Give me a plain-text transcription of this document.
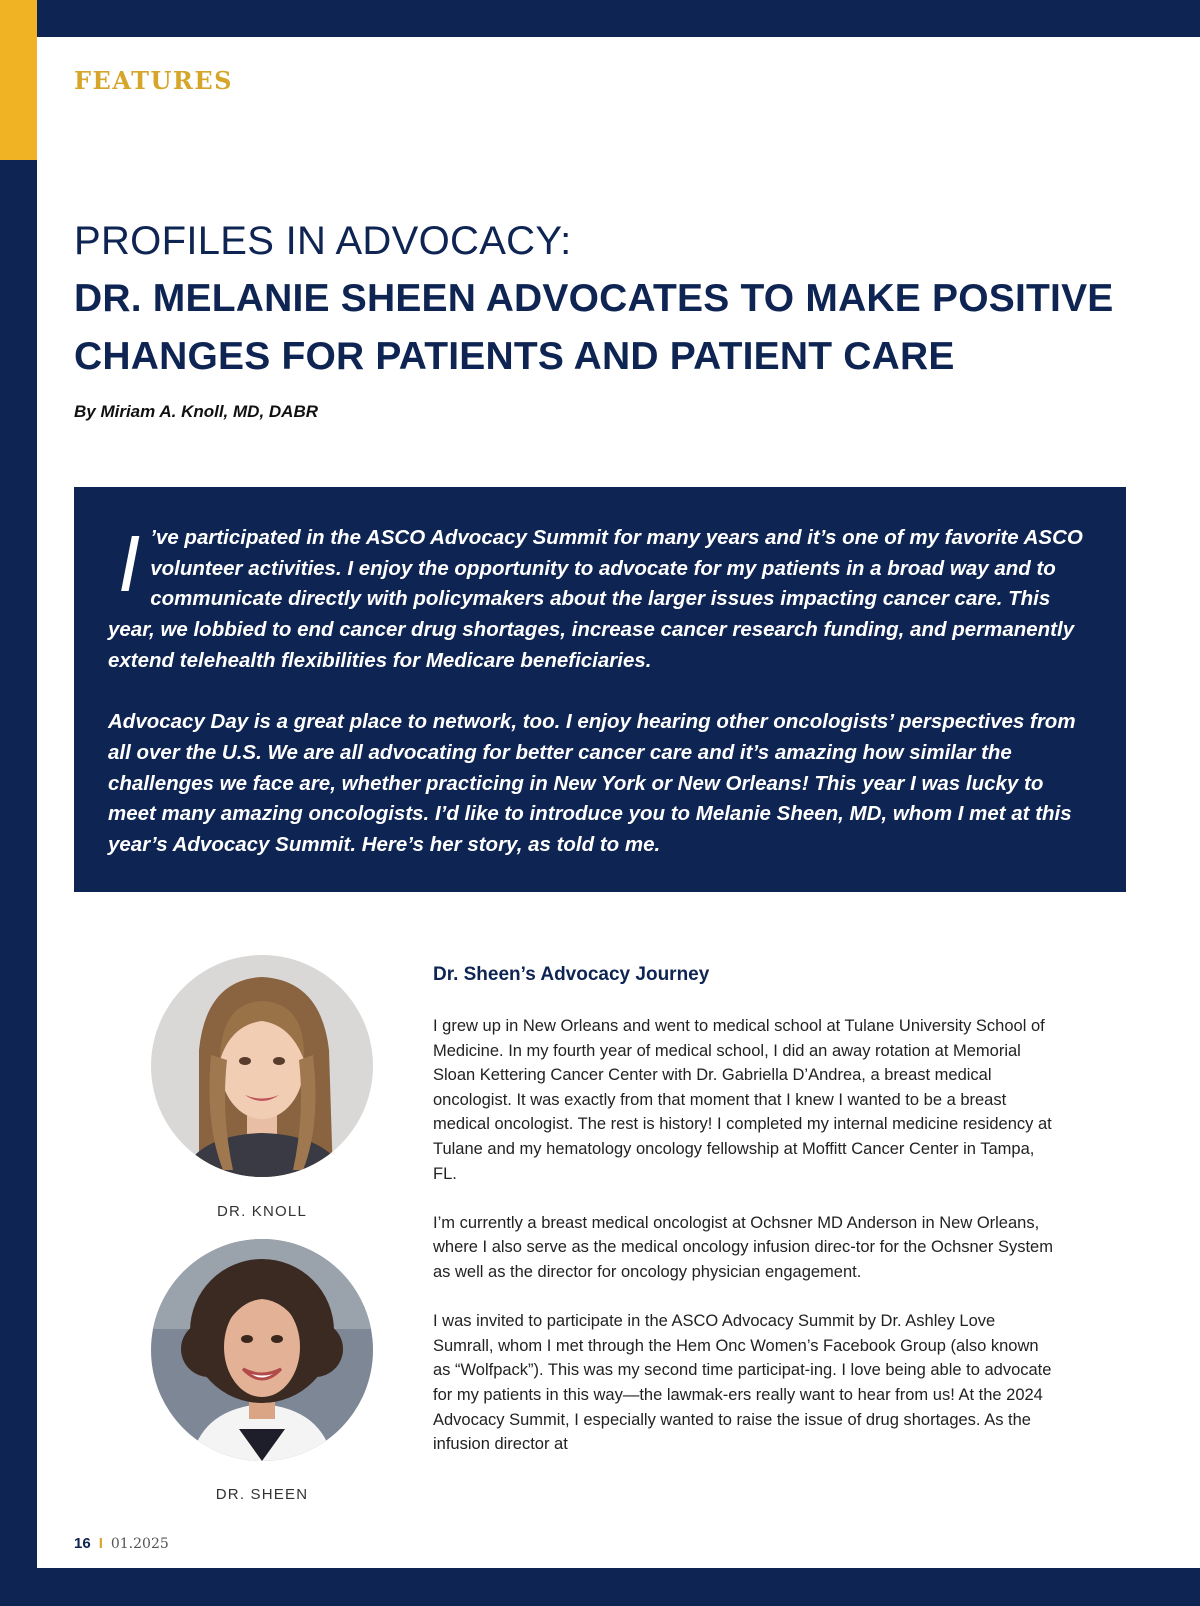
FEATURES

PROFILES IN ADVOCACY:
DR. MELANIE SHEEN ADVOCATES TO MAKE POSITIVE CHANGES FOR PATIENTS AND PATIENT CARE

By Miriam A. Knoll, MD, DABR

I ’ve participated in the ASCO Advocacy Summit for many years and it’s one of my favorite ASCO volunteer activities. I enjoy the opportunity to advocate for my patients in a broad way and to communicate directly with policymakers about the larger issues impacting cancer care. This year, we lobbied to end cancer drug shortages, increase cancer research funding, and permanently extend telehealth flexibilities for Medicare beneficiaries.

Advocacy Day is a great place to network, too. I enjoy hearing other oncologists’ perspectives from all over the U.S. We are all advocating for better cancer care and it’s amazing how similar the challenges we face are, whether practicing in New York or New Orleans! This year I was lucky to meet many amazing oncologists. I’d like to introduce you to Melanie Sheen, MD, whom I met at this year’s Advocacy Summit. Here’s her story, as told to me.

DR. KNOLL

DR. SHEEN

Dr. Sheen’s Advocacy Journey

I grew up in New Orleans and went to medical school at Tulane University School of Medicine. In my fourth year of medical school, I did an away rotation at Memorial Sloan Kettering Cancer Center with Dr. Gabriella D’Andrea, a breast medical oncologist. It was exactly from that moment that I knew I wanted to be a breast medical oncologist. The rest is history! I completed my internal medicine residency at Tulane and my hematology oncology fellowship at Moffitt Cancer Center in Tampa, FL.

I’m currently a breast medical oncologist at Ochsner MD Anderson in New Orleans, where I also serve as the medical oncology infusion direc-tor for the Ochsner System as well as the director for oncology physician engagement.

I was invited to participate in the ASCO Advocacy Summit by Dr. Ashley Love Sumrall, whom I met through the Hem Onc Women’s Facebook Group (also known as “Wolfpack”). This was my second time participat-ing. I love being able to advocate for my patients in this way—the lawmak-ers really want to hear from us! At the 2024 Advocacy Summit, I especially wanted to raise the issue of drug shortages. As the infusion director at

16 I 01.2025
